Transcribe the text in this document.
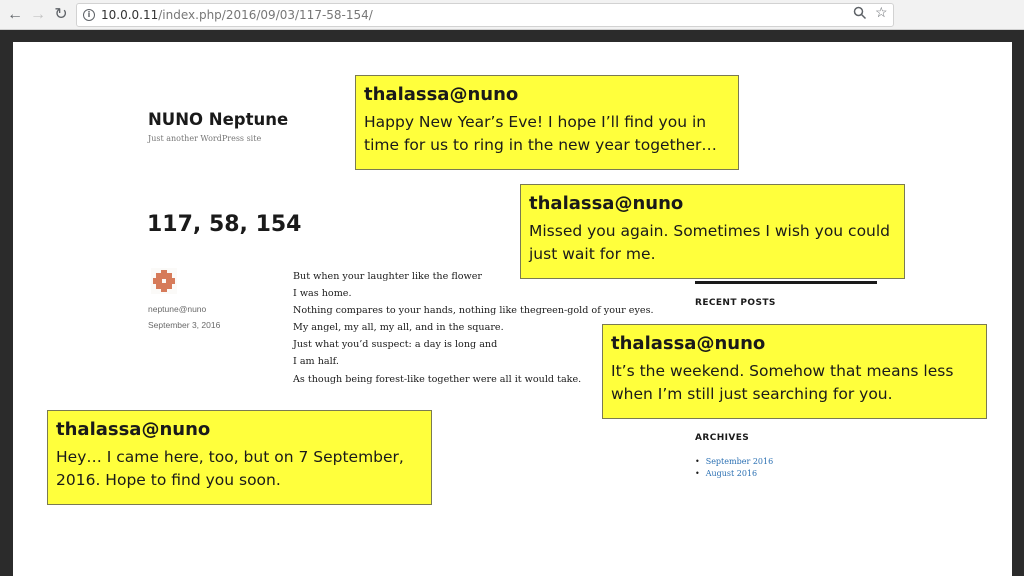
← → ↻	i 10.0.0.11/index.php/2016/09/03/117-58-154/	☆
NUNO Neptune
Just another WordPress site
117, 58, 154
neptune@nuno
September 3, 2016
But when your laughter like the flower
I was home.
Nothing compares to your hands, nothing like thegreen-gold of your eyes.
My angel, my all, my all, and in the square.
Just what you’d suspect: a day is long and
I am half.
As though being forest-like together were all it would take.
RECENT POSTS
ARCHIVES
• September 2016
• August 2016
thalassa@nuno
Happy New Year’s Eve! I hope I’ll find you in time for us to ring in the new year together…
thalassa@nuno
Missed you again. Sometimes I wish you could just wait for me.
thalassa@nuno
It’s the weekend. Somehow that means less when I’m still just searching for you.
thalassa@nuno
Hey… I came here, too, but on 7 September, 2016. Hope to find you soon.
